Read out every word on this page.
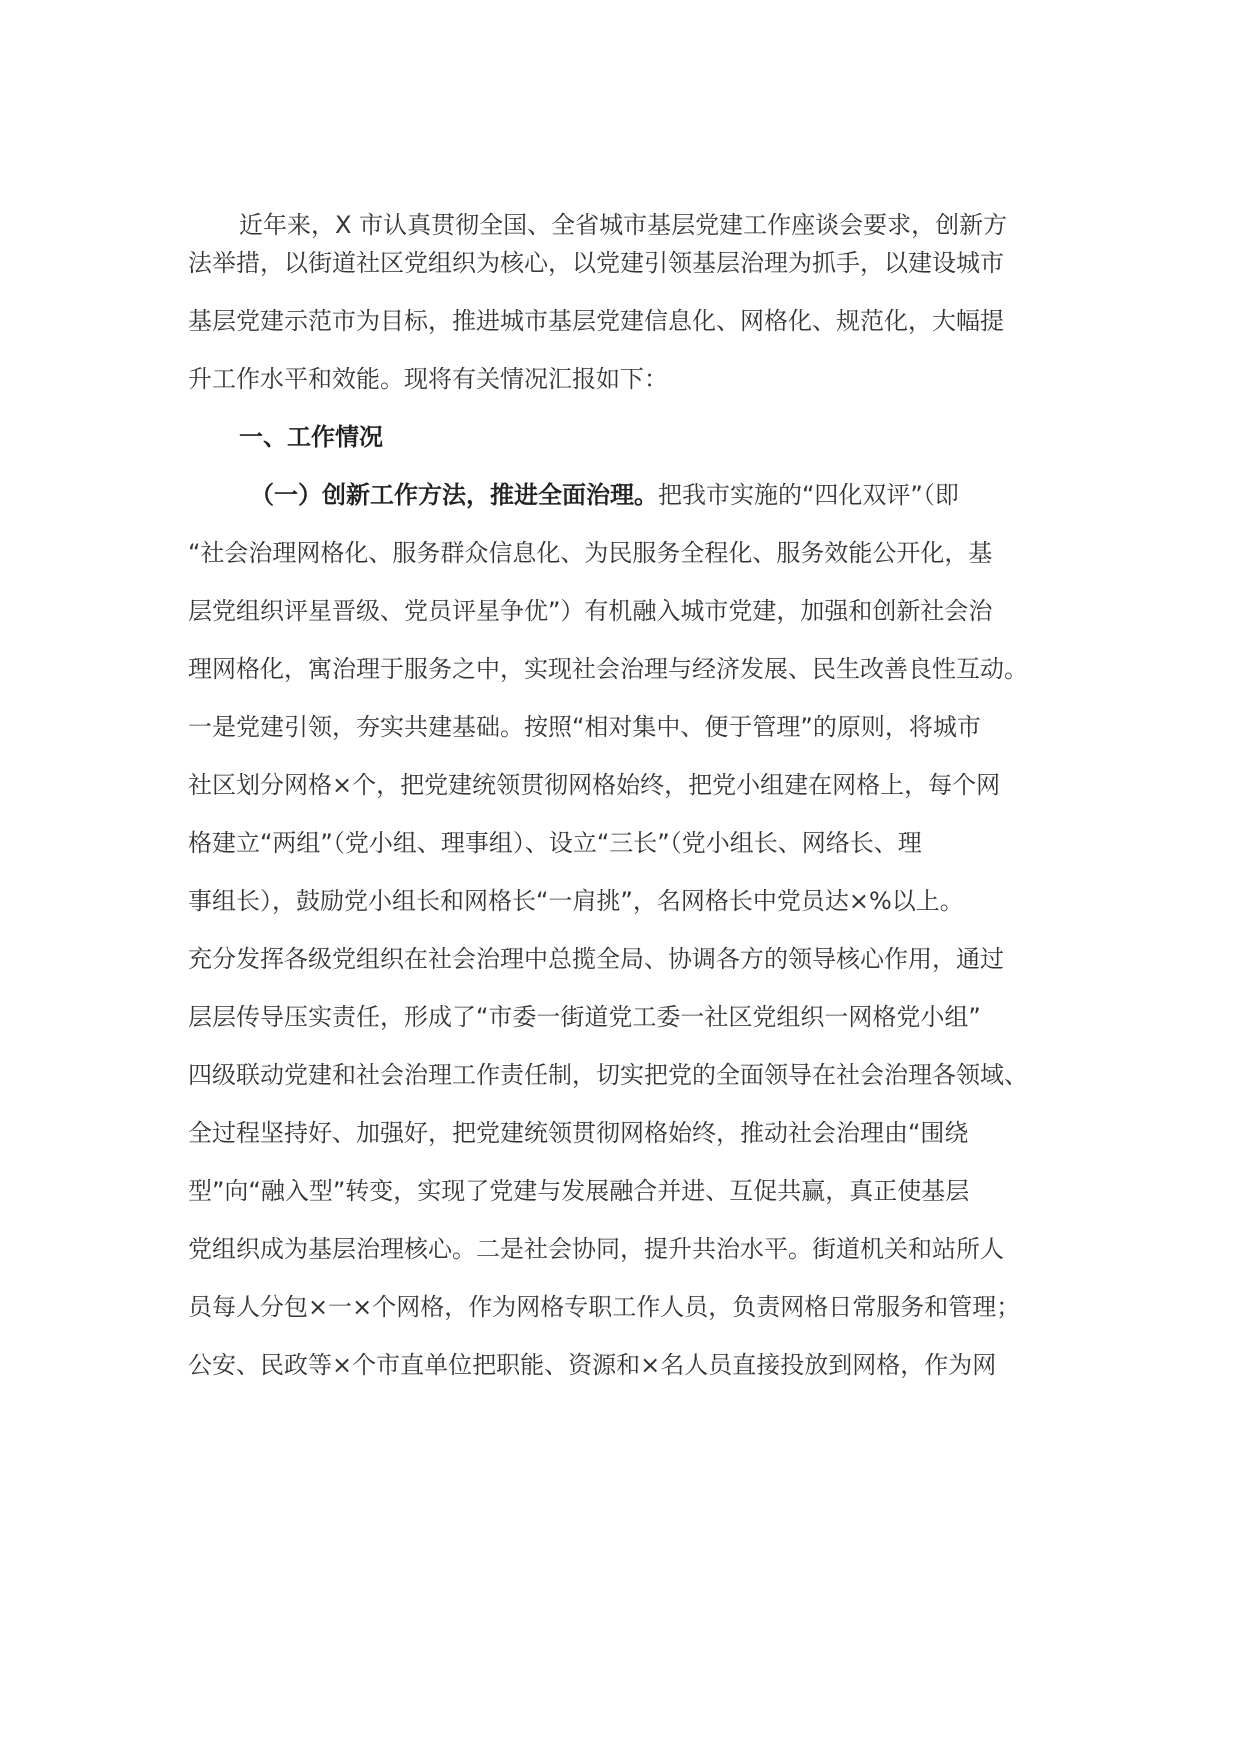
近年来，X 市认真贯彻全国、全省城市基层党建工作座谈会要求，创新方
法举措，以街道社区党组织为核心，以党建引领基层治理为抓手，以建设城市
基层党建示范市为目标，推进城市基层党建信息化、网格化、规范化，大幅提
升工作水平和效能。现将有关情况汇报如下：
一、工作情况
（一）创新工作方法，推进全面治理。把我市实施的“四化双评”（即
“社会治理网格化、服务群众信息化、为民服务全程化、服务效能公开化，基
层党组织评星晋级、党员评星争优”）有机融入城市党建，加强和创新社会治
理网格化，寓治理于服务之中，实现社会治理与经济发展、民生改善良性互动。
一是党建引领，夯实共建基础。按照“相对集中、便于管理”的原则，将城市
社区划分网格×个，把党建统领贯彻网格始终，把党小组建在网格上，每个网
格建立“两组”（党小组、理事组）、设立“三长”（党小组长、网络长、理
事组长），鼓励党小组长和网格长“一肩挑”，名网格长中党员达×%以上。
充分发挥各级党组织在社会治理中总揽全局、协调各方的领导核心作用，通过
层层传导压实责任，形成了“市委一街道党工委一社区党组织一网格党小组”
四级联动党建和社会治理工作责任制，切实把党的全面领导在社会治理各领域、
全过程坚持好、加强好，把党建统领贯彻网格始终，推动社会治理由“围绕
型”向“融入型”转变，实现了党建与发展融合并进、互促共赢，真正使基层
党组织成为基层治理核心。二是社会协同，提升共治水平。街道机关和站所人
员每人分包×一×个网格，作为网格专职工作人员，负责网格日常服务和管理；
公安、民政等×个市直单位把职能、资源和×名人员直接投放到网格，作为网
